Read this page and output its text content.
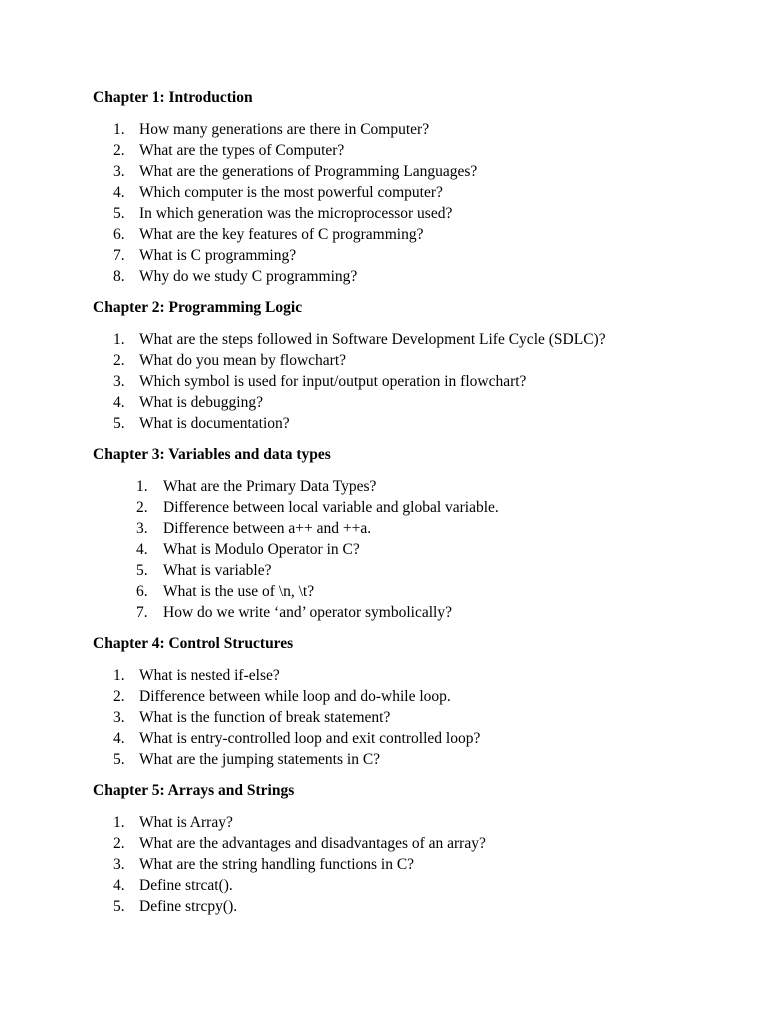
Chapter 1: Introduction
1. How many generations are there in Computer?
2. What are the types of Computer?
3. What are the generations of Programming Languages?
4. Which computer is the most powerful computer?
5. In which generation was the microprocessor used?
6. What are the key features of C programming?
7. What is C programming?
8. Why do we study C programming?
Chapter 2: Programming Logic
1. What are the steps followed in Software Development Life Cycle (SDLC)?
2. What do you mean by flowchart?
3. Which symbol is used for input/output operation in flowchart?
4. What is debugging?
5. What is documentation?
Chapter 3: Variables and data types
1. What are the Primary Data Types?
2. Difference between local variable and global variable.
3. Difference between a++ and ++a.
4. What is Modulo Operator in C?
5. What is variable?
6. What is the use of \n, \t?
7. How do we write ‘and’ operator symbolically?
Chapter 4: Control Structures
1. What is nested if-else?
2. Difference between while loop and do-while loop.
3. What is the function of break statement?
4. What is entry-controlled loop and exit controlled loop?
5. What are the jumping statements in C?
Chapter 5: Arrays and Strings
1. What is Array?
2. What are the advantages and disadvantages of an array?
3. What are the string handling functions in C?
4. Define strcat().
5. Define strcpy().
